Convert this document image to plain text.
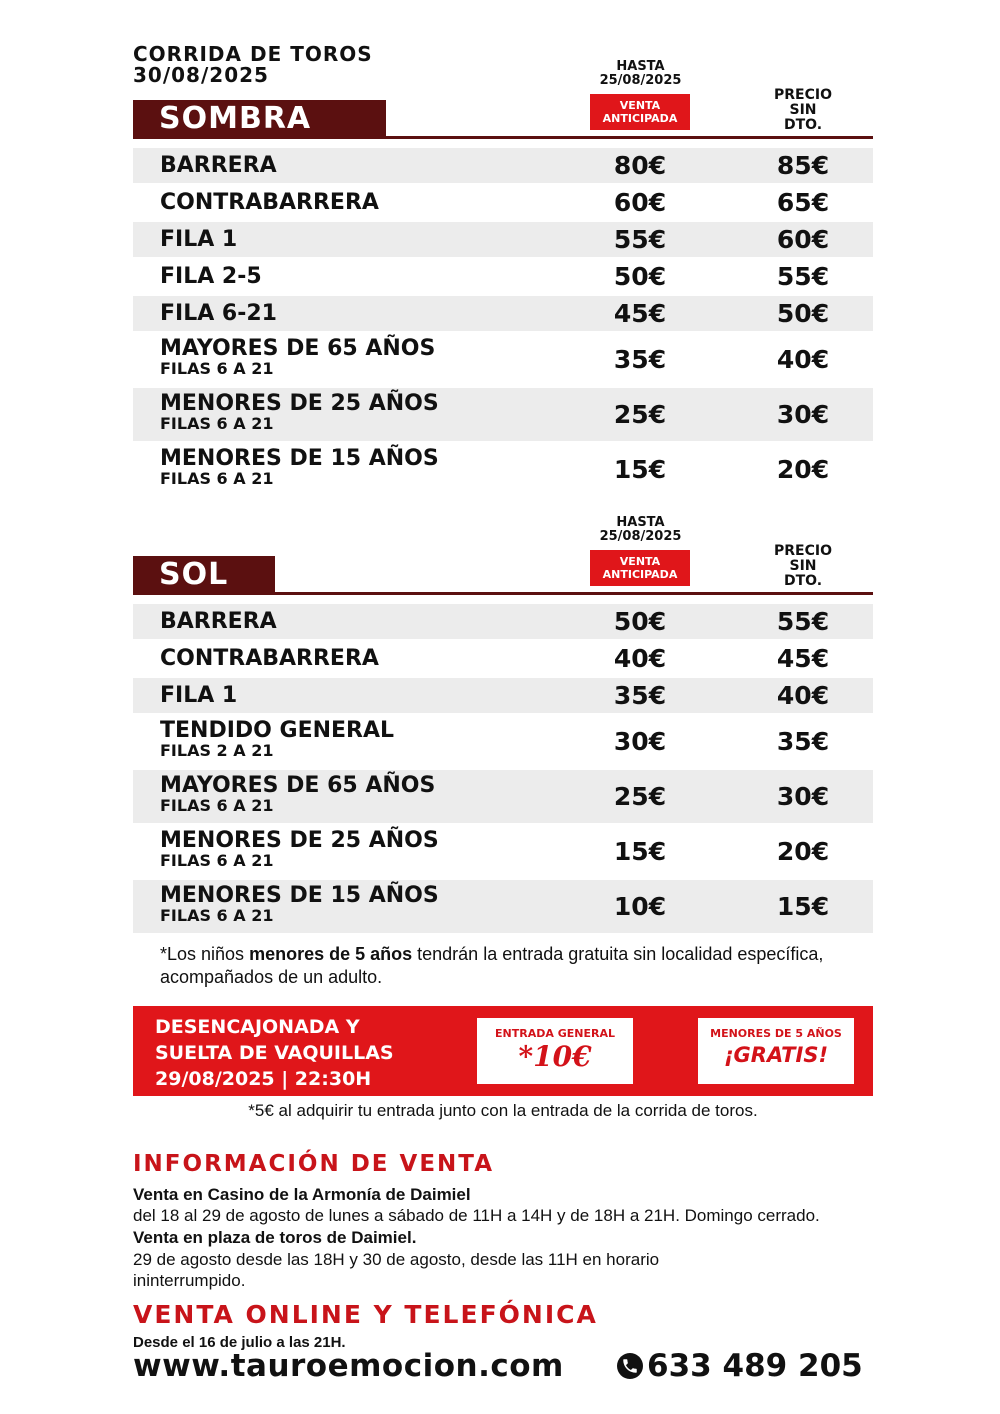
CORRIDA DE TOROS
30/08/2025	HASTA
25/08/2025
VENTA
ANTICIPADA
PRECIO
SIN
DTO.
SOMBRA
BARRERA	80€	85€
CONTRABARRERA	60€	65€
FILA 1	55€	60€
FILA 2-5	50€	55€
FILA 6-21	45€	50€
MAYORES DE 65 AÑOS
FILAS 6 A 21	35€	40€
MENORES DE 25 AÑOS
FILAS 6 A 21	25€	30€
MENORES DE 15 AÑOS
FILAS 6 A 21	15€	20€
HASTA
25/08/2025
VENTA
ANTICIPADA
PRECIO
SIN
DTO.
SOL
BARRERA	50€	55€
CONTRABARRERA	40€	45€
FILA 1	35€	40€
TENDIDO GENERAL
FILAS 2 A 21	30€	35€
MAYORES DE 65 AÑOS
FILAS 6 A 21	25€	30€
MENORES DE 25 AÑOS
FILAS 6 A 21	15€	20€
MENORES DE 15 AÑOS
FILAS 6 A 21	10€	15€
*Los niños menores de 5 años tendrán la entrada gratuita sin localidad específica, acompañados de un adulto.
DESENCAJONADA Y
SUELTA DE VAQUILLAS
29/08/2025 | 22:30H
ENTRADA GENERAL
*10€
MENORES DE 5 AÑOS
¡GRATIS!
*5€ al adquirir tu entrada junto con la entrada de la corrida de toros.
INFORMACIÓN DE VENTA
Venta en Casino de la Armonía de Daimiel
del 18 al 29 de agosto de lunes a sábado de 11H a 14H y de 18H a 21H. Domingo cerrado.
Venta en plaza de toros de Daimiel.
29 de agosto desde las 18H y 30 de agosto, desde las 11H en horario
ininterrumpido.
VENTA ONLINE Y TELEFÓNICA
Desde el 16 de julio a las 21H.
www.tauroemocion.com	633 489 205
